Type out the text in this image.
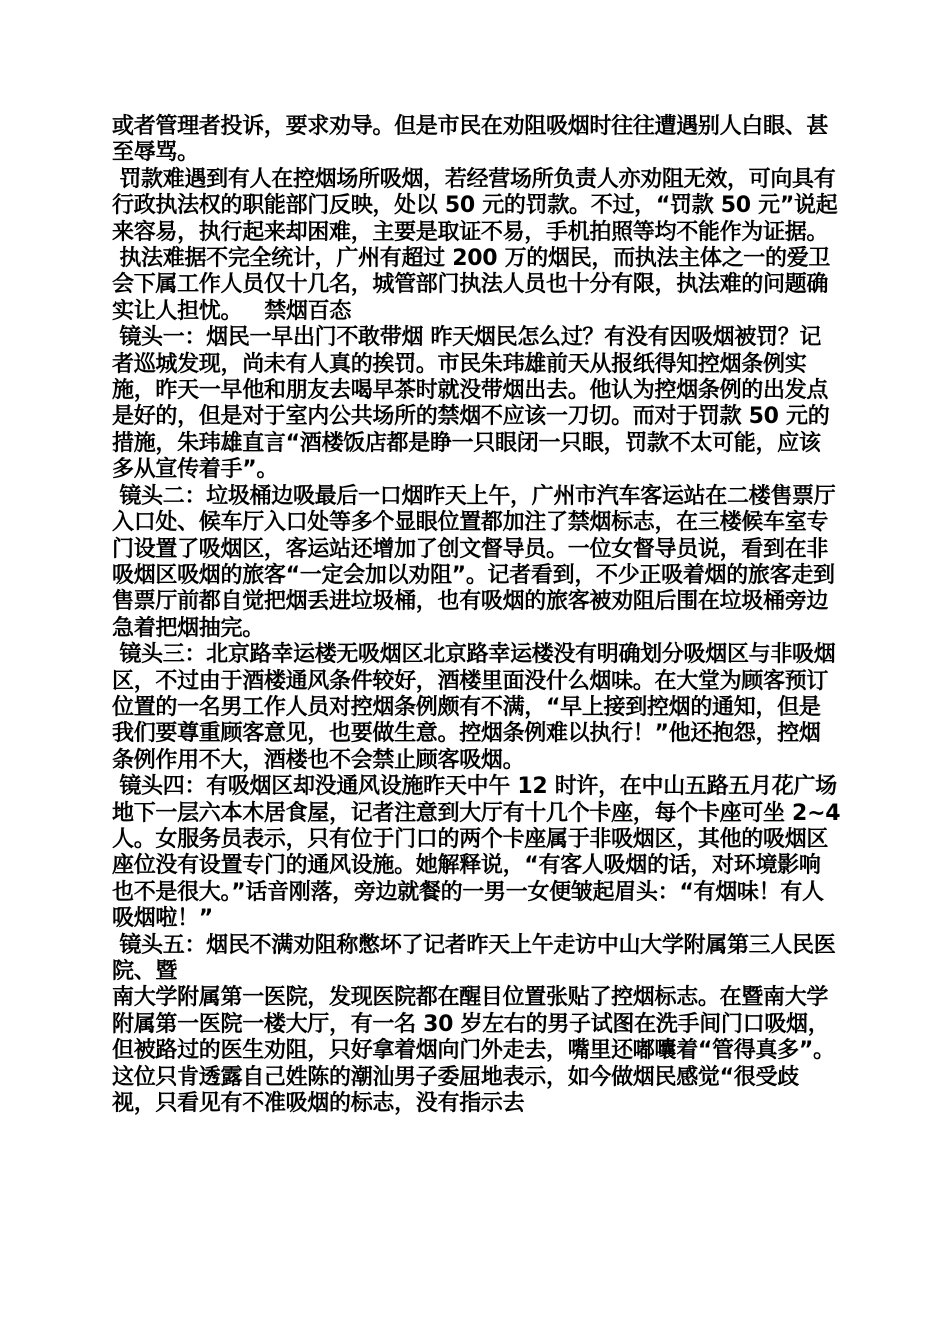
或者管理者投诉，要求劝导。但是市民在劝阻吸烟时往往遭遇别人白眼、甚至辱骂。

罚款难遇到有人在控烟场所吸烟，若经营场所负责人亦劝阻无效，可向具有行政执法权的职能部门反映，处以 50 元的罚款。不过，“罚款 50 元”说起来容易，执行起来却困难，主要是取证不易，手机拍照等均不能作为证据。

执法难据不完全统计，广州有超过 200 万的烟民，而执法主体之一的爱卫会下属工作人员仅十几名，城管部门执法人员也十分有限，执法难的问题确实让人担忧。   禁烟百态

镜头一：烟民一早出门不敢带烟 昨天烟民怎么过？有没有因吸烟被罚？记者巡城发现，尚未有人真的挨罚。市民朱玮雄前天从报纸得知控烟条例实施，昨天一早他和朋友去喝早茶时就没带烟出去。他认为控烟条例的出发点是好的，但是对于室内公共场所的禁烟不应该一刀切。而对于罚款 50 元的措施，朱玮雄直言“酒楼饭店都是睁一只眼闭一只眼，罚款不太可能，应该多从宣传着手”。

镜头二：垃圾桶边吸最后一口烟昨天上午，广州市汽车客运站在二楼售票厅入口处、候车厅入口处等多个显眼位置都加注了禁烟标志，在三楼候车室专门设置了吸烟区，客运站还增加了创文督导员。一位女督导员说，看到在非吸烟区吸烟的旅客“一定会加以劝阻”。记者看到，不少正吸着烟的旅客走到售票厅前都自觉把烟丢进垃圾桶，也有吸烟的旅客被劝阻后围在垃圾桶旁边急着把烟抽完。

镜头三：北京路幸运楼无吸烟区北京路幸运楼没有明确划分吸烟区与非吸烟区，不过由于酒楼通风条件较好，酒楼里面没什么烟味。在大堂为顾客预订位置的一名男工作人员对控烟条例颇有不满，“早上接到控烟的通知，但是我们要尊重顾客意见，也要做生意。控烟条例难以执行！”他还抱怨，控烟条例作用不大，酒楼也不会禁止顾客吸烟。

镜头四：有吸烟区却没通风设施昨天中午 12 时许，在中山五路五月花广场地下一层六本木居食屋，记者注意到大厅有十几个卡座，每个卡座可坐 2~4 人。女服务员表示，只有位于门口的两个卡座属于非吸烟区，其他的吸烟区座位没有设置专门的通风设施。她解释说，“有客人吸烟的话，对环境影响也不是很大。”话音刚落，旁边就餐的一男一女便皱起眉头：“有烟味！有人吸烟啦！”

镜头五：烟民不满劝阻称憋坏了记者昨天上午走访中山大学附属第三人民医院、暨

南大学附属第一医院，发现医院都在醒目位置张贴了控烟标志。在暨南大学附属第一医院一楼大厅，有一名 30 岁左右的男子试图在洗手间门口吸烟，但被路过的医生劝阻，只好拿着烟向门外走去，嘴里还嘟囔着“管得真多”。这位只肯透露自己姓陈的潮汕男子委屈地表示，如今做烟民感觉“很受歧视，只看见有不准吸烟的标志，没有指示去
